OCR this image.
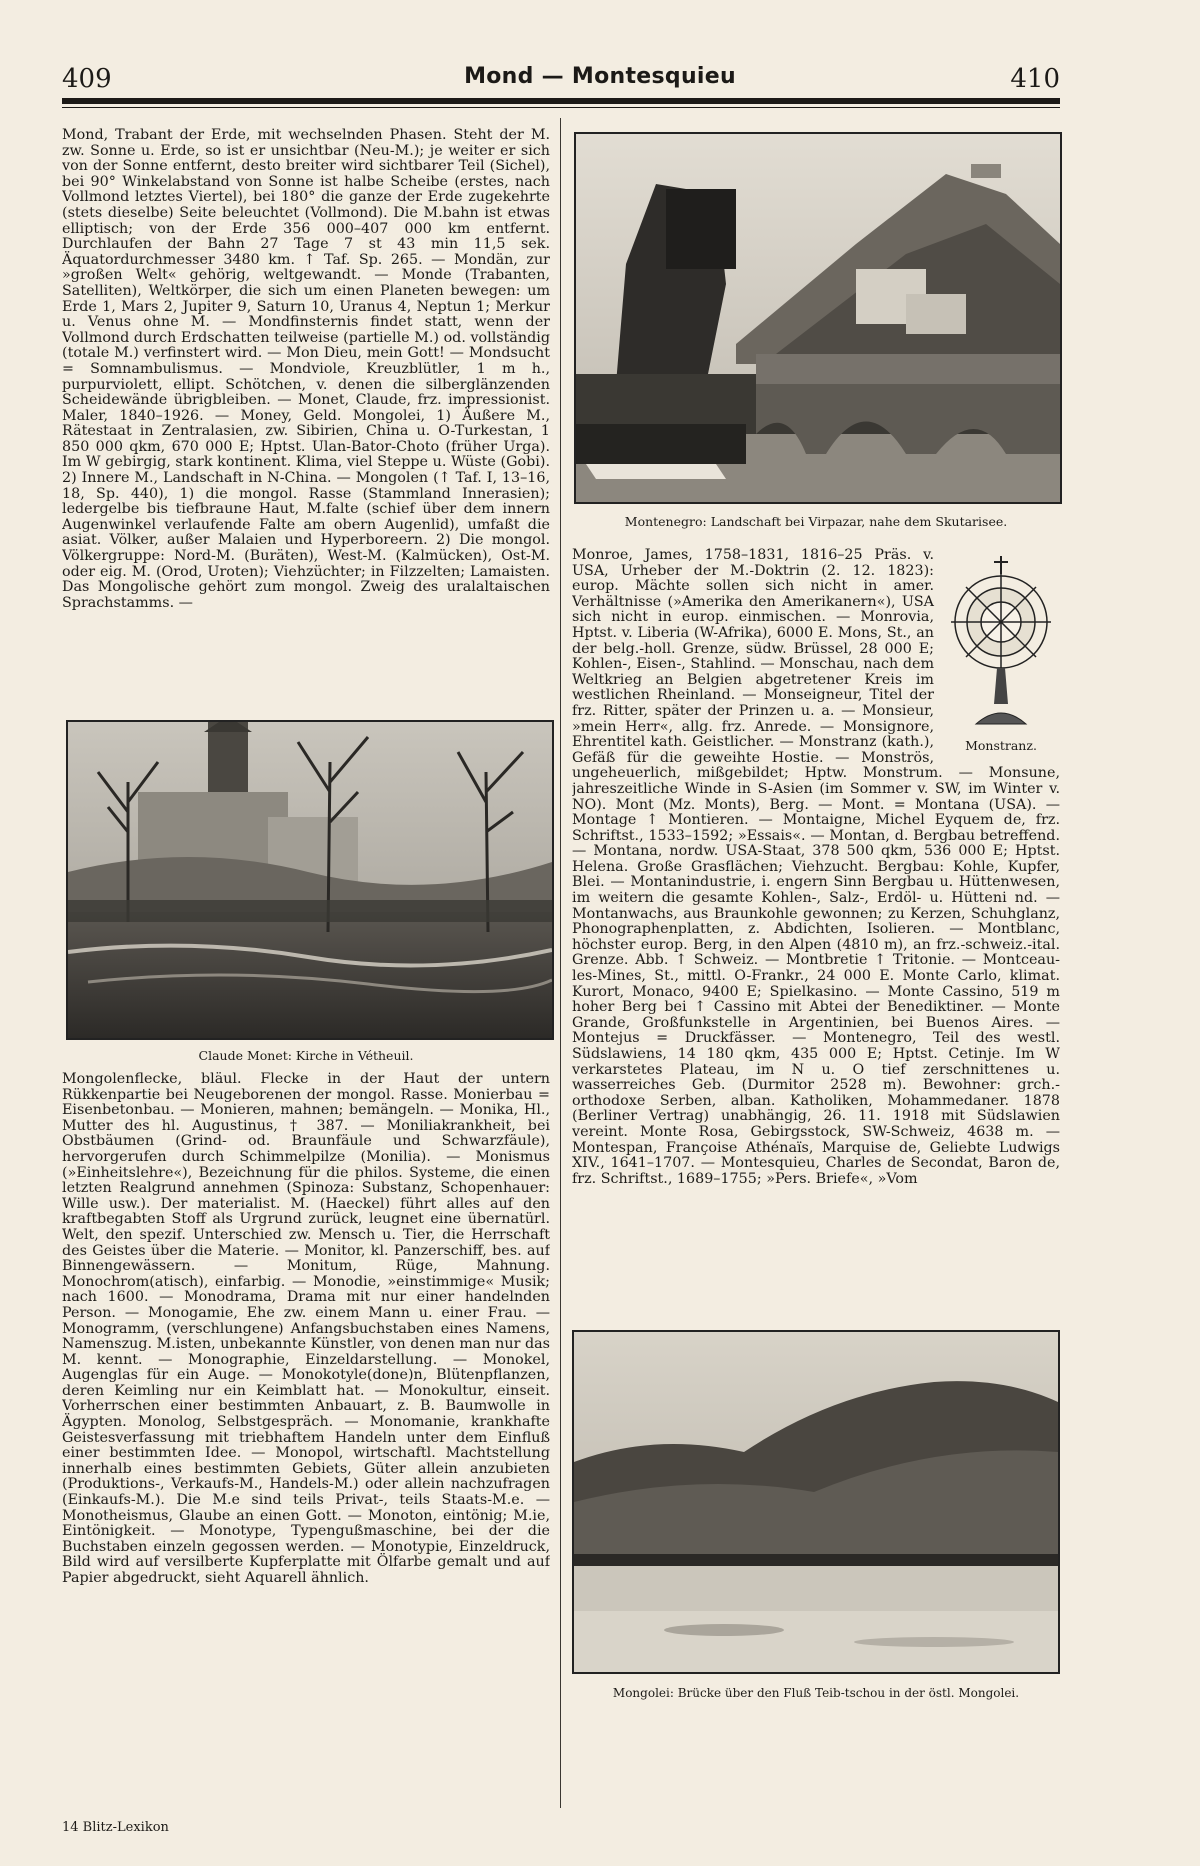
409	Mond — Montesquieu	410

Mond, Trabant der Erde, mit wechselnden Phasen. Steht der M. zw. Sonne u. Erde, so ist er unsichtbar (Neu-M.); je weiter er sich von der Sonne entfernt, desto breiter wird sichtbarer Teil (Sichel), bei 90° Winkelabstand von Sonne ist halbe Scheibe (erstes, nach Vollmond letztes Viertel), bei 180° die ganze der Erde zugekehrte (stets dieselbe) Seite beleuchtet (Vollmond). Die M.bahn ist etwas elliptisch; von der Erde 356 000–407 000 km entfernt. Durchlaufen der Bahn 27 Tage 7 st 43 min 11,5 sek. Äquatordurchmesser 3480 km. ↑ Taf. Sp. 265. — Mondän, zur »großen Welt« gehörig, weltgewandt. — Monde (Trabanten, Satelliten), Weltkörper, die sich um einen Planeten bewegen: um Erde 1, Mars 2, Jupiter 9, Saturn 10, Uranus 4, Neptun 1; Merkur u. Venus ohne M. — Mondfinsternis findet statt, wenn der Vollmond durch Erdschatten teilweise (partielle M.) od. vollständig (totale M.) verfinstert wird. — Mon Dieu, mein Gott! — Mondsucht = Somnambulismus. — Mondviole, Kreuzblütler, 1 m h., purpurviolett, ellipt. Schötchen, v. denen die silberglänzenden Scheidewände übrigbleiben. — Monet, Claude, frz. impressionist. Maler, 1840–1926. — Money, Geld. Mongolei, 1) Äußere M., Rätestaat in Zentralasien, zw. Sibirien, China u. O-Turkestan, 1 850 000 qkm, 670 000 E; Hptst. Ulan-Bator-Choto (früher Urga). Im W gebirgig, stark kontinent. Klima, viel Steppe u. Wüste (Gobi). 2) Innere M., Landschaft in N-China. — Mongolen (↑ Taf. I, 13–16, 18, Sp. 440), 1) die mongol. Rasse (Stammland Innerasien); ledergelbe bis tiefbraune Haut, M.falte (schief über dem innern Augenwinkel verlaufende Falte am obern Augenlid), umfaßt die asiat. Völker, außer Malaien und Hyperboreern. 2) Die mongol. Völkergruppe: Nord-M. (Buräten), West-M. (Kalmücken), Ost-M. oder eig. M. (Orod, Uroten); Viehzüchter; in Filzzelten; Lamaisten. Das Mongolische gehört zum mongol. Zweig des uralaltaischen Sprachstamms. —

Claude Monet: Kirche in Vétheuil.

Mongolenflecke, bläul. Flecke in der Haut der untern Rükkenpartie bei Neugeborenen der mongol. Rasse. Monierbau = Eisenbetonbau. — Monieren, mahnen; bemängeln. — Monika, Hl., Mutter des hl. Augustinus, † 387. — Moniliakrankheit, bei Obstbäumen (Grind- od. Braunfäule und Schwarzfäule), hervorgerufen durch Schimmelpilze (Monilia). — Monismus (»Einheitslehre«), Bezeichnung für die philos. Systeme, die einen letzten Realgrund annehmen (Spinoza: Substanz, Schopenhauer: Wille usw.). Der materialist. M. (Haeckel) führt alles auf den kraftbegabten Stoff als Urgrund zurück, leugnet eine übernatürl. Welt, den spezif. Unterschied zw. Mensch u. Tier, die Herrschaft des Geistes über die Materie. — Monitor, kl. Panzerschiff, bes. auf Binnengewässern. — Monitum, Rüge, Mahnung. Monochrom(atisch), einfarbig. — Monodie, »einstimmige« Musik; nach 1600. — Monodrama, Drama mit nur einer handelnden Person. — Monogamie, Ehe zw. einem Mann u. einer Frau. — Monogramm, (verschlungene) Anfangsbuchstaben eines Namens, Namenszug. M.isten, unbekannte Künstler, von denen man nur das M. kennt. — Monographie, Einzeldarstellung. — Monokel, Augenglas für ein Auge. — Monokotyle(done)n, Blütenpflanzen, deren Keimling nur ein Keimblatt hat. — Monokultur, einseit. Vorherrschen einer bestimmten Anbauart, z. B. Baumwolle in Ägypten. Monolog, Selbstgespräch. — Monomanie, krankhafte Geistesverfassung mit triebhaftem Handeln unter dem Einfluß einer bestimmten Idee. — Monopol, wirtschaftl. Machtstellung innerhalb eines bestimmten Gebiets, Güter allein anzubieten (Produktions-, Verkaufs-M., Handels-M.) oder allein nachzufragen (Einkaufs-M.). Die M.e sind teils Privat-, teils Staats-M.e. — Monotheismus, Glaube an einen Gott. — Monoton, eintönig; M.ie, Eintönigkeit. — Monotype, Typengußmaschine, bei der die Buchstaben einzeln gegossen werden. — Monotypie, Einzeldruck, Bild wird auf versilberte Kupferplatte mit Ölfarbe gemalt und auf Papier abgedruckt, sieht Aquarell ähnlich.

Montenegro: Landschaft bei Virpazar, nahe dem Skutarisee.
Monstranz.

Monroe, James, 1758–1831, 1816–25 Präs. v. USA, Urheber der M.-Doktrin (2. 12. 1823): europ. Mächte sollen sich nicht in amer. Verhältnisse (»Amerika den Amerikanern«), USA sich nicht in europ. einmischen. — Monrovia, Hptst. v. Liberia (W-Afrika), 6000 E. Mons, St., an der belg.-holl. Grenze, südw. Brüssel, 28 000 E; Kohlen-, Eisen-, Stahlind. — Monschau, nach dem Weltkrieg an Belgien abgetretener Kreis im westlichen Rheinland. — Monseigneur, Titel der frz. Ritter, später der Prinzen u. a. — Monsieur, »mein Herr«, allg. frz. Anrede. — Monsignore, Ehrentitel kath. Geistlicher. — Monstranz (kath.), Gefäß für die geweihte Hostie. — Monströs, ungeheuerlich, mißgebildet; Hptw. Monstrum. — Monsune, jahreszeitliche Winde in S-Asien (im Sommer v. SW, im Winter v. NO). Mont (Mz. Monts), Berg. — Mont. = Montana (USA). — Montage ↑ Montieren. — Montaigne, Michel Eyquem de, frz. Schriftst., 1533–1592; »Essais«. — Montan, d. Bergbau betreffend. — Montana, nordw. USA-Staat, 378 500 qkm, 536 000 E; Hptst. Helena. Große Grasflächen; Viehzucht. Bergbau: Kohle, Kupfer, Blei. — Montanindustrie, i. engern Sinn Bergbau u. Hüttenwesen, im weitern die gesamte Kohlen-, Salz-, Erdöl- u. Hütteni nd. — Montanwachs, aus Braunkohle gewonnen; zu Kerzen, Schuhglanz, Phonographenplatten, z. Abdichten, Isolieren. — Montblanc, höchster europ. Berg, in den Alpen (4810 m), an frz.-schweiz.-ital. Grenze. Abb. ↑ Schweiz. — Montbretie ↑ Tritonie. — Montceau-les-Mines, St., mittl. O-Frankr., 24 000 E. Monte Carlo, klimat. Kurort, Monaco, 9400 E; Spielkasino. — Monte Cassino, 519 m hoher Berg bei ↑ Cassino mit Abtei der Benediktiner. — Monte Grande, Großfunkstelle in Argentinien, bei Buenos Aires. — Montejus = Druckfässer. — Montenegro, Teil des westl. Südslawiens, 14 180 qkm, 435 000 E; Hptst. Cetinje. Im W verkarstetes Plateau, im N u. O tief zerschnittenes u. wasserreiches Geb. (Durmitor 2528 m). Bewohner: grch.-orthodoxe Serben, alban. Katholiken, Mohammedaner. 1878 (Berliner Vertrag) unabhängig, 26. 11. 1918 mit Südslawien vereint. Monte Rosa, Gebirgsstock, SW-Schweiz, 4638 m. — Montespan, Françoise Athénaïs, Marquise de, Geliebte Ludwigs XIV., 1641–1707. — Montesquieu, Charles de Secondat, Baron de, frz. Schriftst., 1689–1755; »Pers. Briefe«, »Vom

Mongolei: Brücke über den Fluß Teib-tschou in der östl. Mongolei.
14 Blitz-Lexikon
